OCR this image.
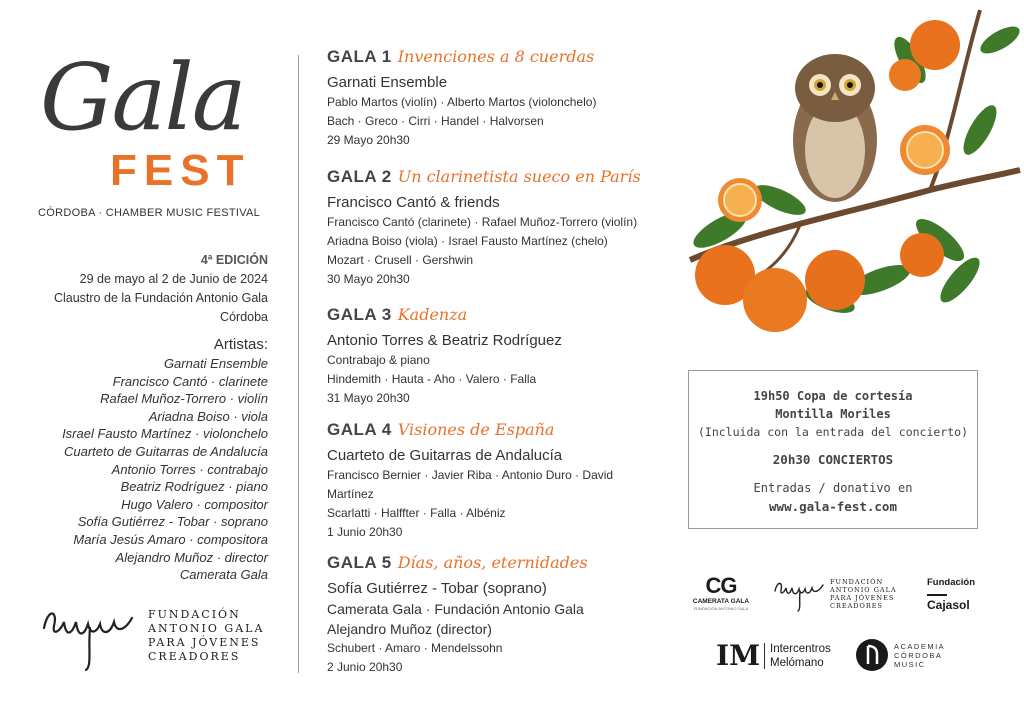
Gala
FEST
CÓRDOBA · CHAMBER MUSIC FESTIVAL
4ª EDICIÓN
29 de mayo al 2 de Junio de 2024
Claustro de la Fundación Antonio Gala
Córdoba
Artistas:
Garnati Ensemble
Francisco Cantó · clarinete
Rafael Muñoz-Torrero · violín
Ariadna Boiso · viola
Israel Fausto Martínez · violonchelo
Cuarteto de Guitarras de Andalucía
Antonio Torres · contrabajo
Beatriz Rodríguez · piano
Hugo Valero · compositor
Sofía Gutiérrez - Tobar · soprano
María Jesús Amaro · compositora
Alejandro Muñoz · director
Camerata Gala
FUNDACIÓN
ANTONIO GALA
PARA JÓVENES
CREADORES
GALA 1 Invenciones a 8 cuerdas
Garnati Ensemble
Pablo Martos (violín) · Alberto Martos (violonchelo)
Bach · Greco · Cirri · Handel · Halvorsen
29 Mayo 20h30
GALA 2 Un clarinetista sueco en París
Francisco Cantó & friends
Francisco Cantó (clarinete) · Rafael Muñoz-Torrero (violín)
Ariadna Boiso (viola) · Israel Fausto Martínez (chelo)
Mozart · Crusell · Gershwin
30 Mayo 20h30
GALA 3 Kadenza
Antonio Torres & Beatriz Rodríguez
Contrabajo & piano
Hindemith · Hauta - Aho · Valero · Falla
31 Mayo 20h30
GALA 4 Visiones de España
Cuarteto de Guitarras de Andalucía
Francisco Bernier · Javier Riba · Antonio Duro · David Martínez
Scarlatti · Halffter · Falla · Albéniz
1 Junio 20h30
GALA 5 Días, años, eternidades
Sofía Gutiérrez - Tobar (soprano)
Camerata Gala · Fundación Antonio Gala
Alejandro Muñoz (director)
Schubert · Amaro · Mendelssohn
2 Junio 20h30
19h50 Copa de cortesía
Montilla Moriles
(Incluida con la entrada del concierto)
20h30 CONCIERTOS
Entradas / donativo en
www.gala-fest.com
CG
CAMERATA GALA
FUNDACIÓN ANTONIO GALA
FUNDACIÓN
ANTONIO GALA
PARA JÓVENES
CREADORES
Fundación
Cajasol
IM Intercentros
Melómano
ACADEMIA
CÓRDOBA
MUSIC
